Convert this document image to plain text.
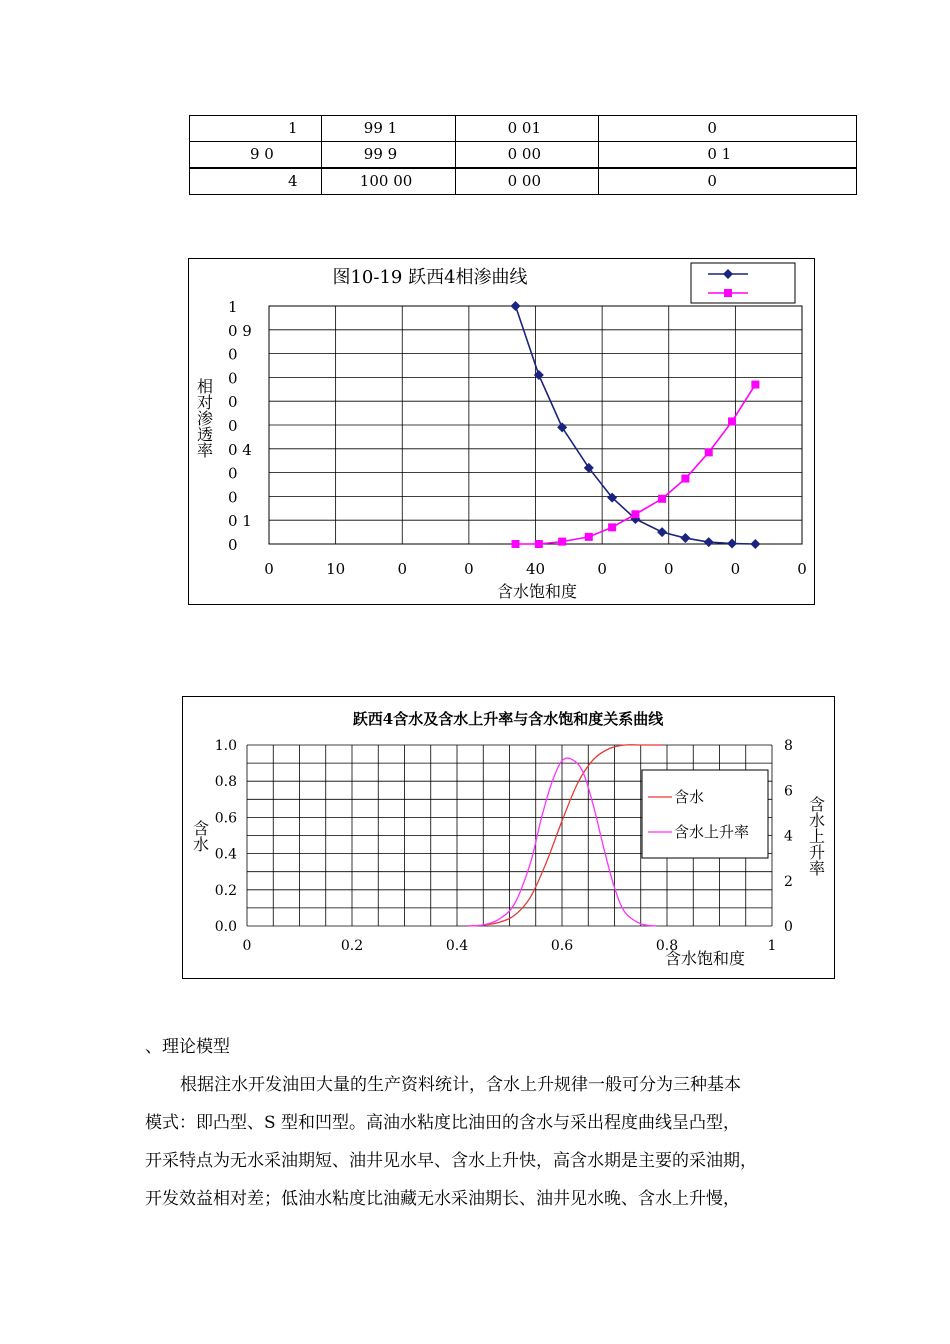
1	99 1	0 01	0

9 0	99 9	0 00	0 1

4	100 00	0 00	0
图10-19 跃西4相渗曲线
相对渗透率
含水饱和度
0	10	0	0	40	0	0	0	0
0
0 1
0
0
0 4
0
0
0
0
0 9
1
跃西4含水及含水上升率与含水饱和度关系曲线
含水	含水上升率
含水饱和度
0	0.2	0.4	0.6	0.8	1
0.0
0.2
0.4
0.6
0.8
1.0
0
2
4
6
8
含水
含水上升率
、理论模型
根据注水开发油田大量的生产资料统计，含水上升规律一般可分为三种基本
模式：即凸型、S 型和凹型。高油水粘度比油田的含水与采出程度曲线呈凸型，
开采特点为无水采油期短、油井见水早、含水上升快，高含水期是主要的采油期，
开发效益相对差；低油水粘度比油藏无水采油期长、油井见水晚、含水上升慢，
